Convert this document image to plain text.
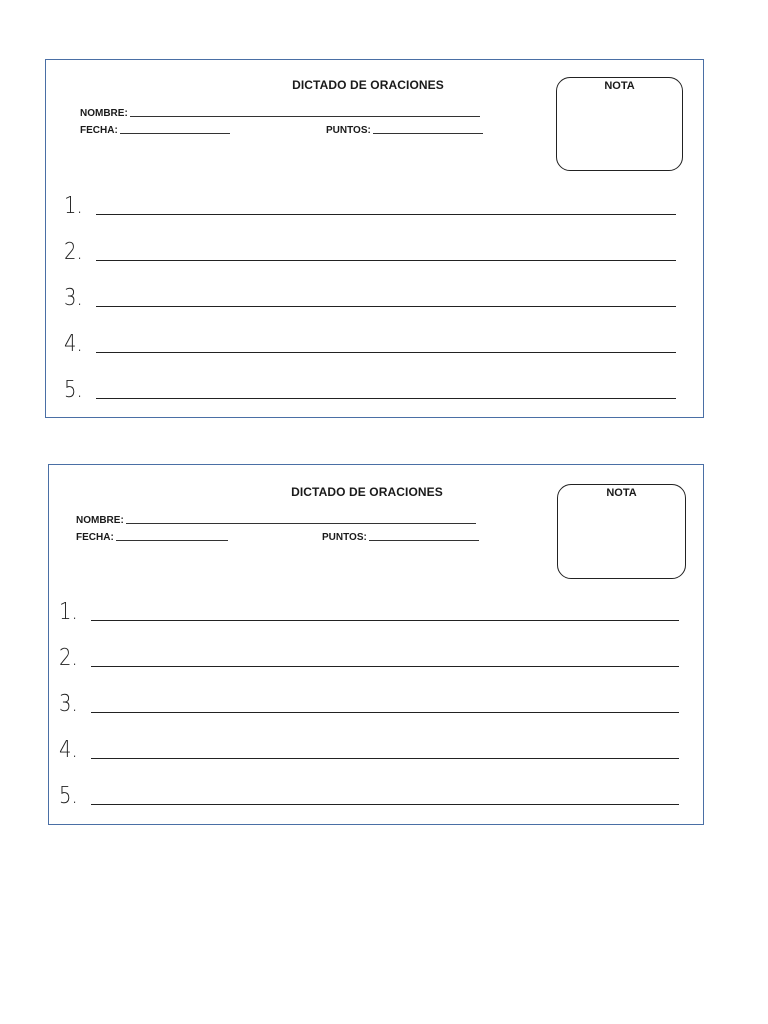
DICTADO DE ORACIONES
NOMBRE:
FECHA:	PUNTOS:
NOTA
1.
2.
3.
4.
5.
DICTADO DE ORACIONES
NOMBRE:
FECHA:	PUNTOS:
NOTA
1.
2.
3.
4.
5.
